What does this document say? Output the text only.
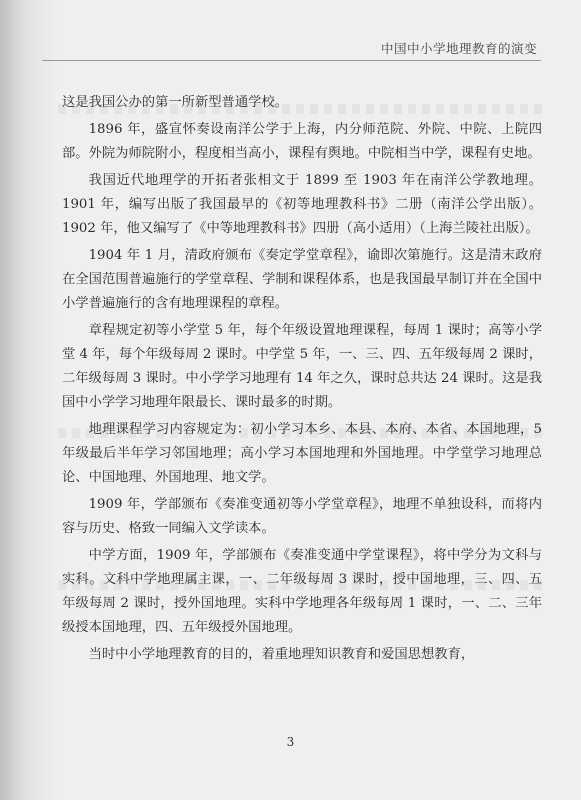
中国中小学地理教育的演变

这是我国公办的第一所新型普通学校。

1896 年，盛宣怀奏设南洋公学于上海，内分师范院、外院、中院、上院四部。外院为师院附小，程度相当高小，课程有舆地。中院相当中学，课程有史地。

我国近代地理学的开拓者张相文于 1899 至 1903 年在南洋公学教地理。1901 年，编写出版了我国最早的《初等地理教科书》二册（南洋公学出版）。1902 年，他又编写了《中等地理教科书》四册（高小适用）（上海兰陵社出版）。

1904 年 1 月，清政府颁布《奏定学堂章程》，谕即次第施行。这是清末政府在全国范围普遍施行的学堂章程、学制和课程体系，也是我国最早制订并在全国中小学普遍施行的含有地理课程的章程。

章程规定初等小学堂 5 年，每个年级设置地理课程，每周 1 课时；高等小学堂 4 年，每个年级每周 2 课时。中学堂 5 年，一、三、四、五年级每周 2 课时，二年级每周 3 课时。中小学学习地理有 14 年之久，课时总共达 24 课时。这是我国中小学学习地理年限最长、课时最多的时期。

地理课程学习内容规定为：初小学习本乡、本县、本府、本省、本国地理，5 年级最后半年学习邻国地理；高小学习本国地理和外国地理。中学堂学习地理总论、中国地理、外国地理、地文学。

1909 年，学部颁布《奏准变通初等小学堂章程》，地理不单独设科，而将内容与历史、格致一同编入文学读本。

中学方面，1909 年，学部颁布《奏准变通中学堂课程》，将中学分为文科与实科。文科中学地理属主课，一、二年级每周 3 课时，授中国地理，三、四、五年级每周 2 课时，授外国地理。实科中学地理各年级每周 1 课时，一、二、三年级授本国地理，四、五年级授外国地理。

当时中小学地理教育的目的，着重地理知识教育和爱国思想教育，

3
